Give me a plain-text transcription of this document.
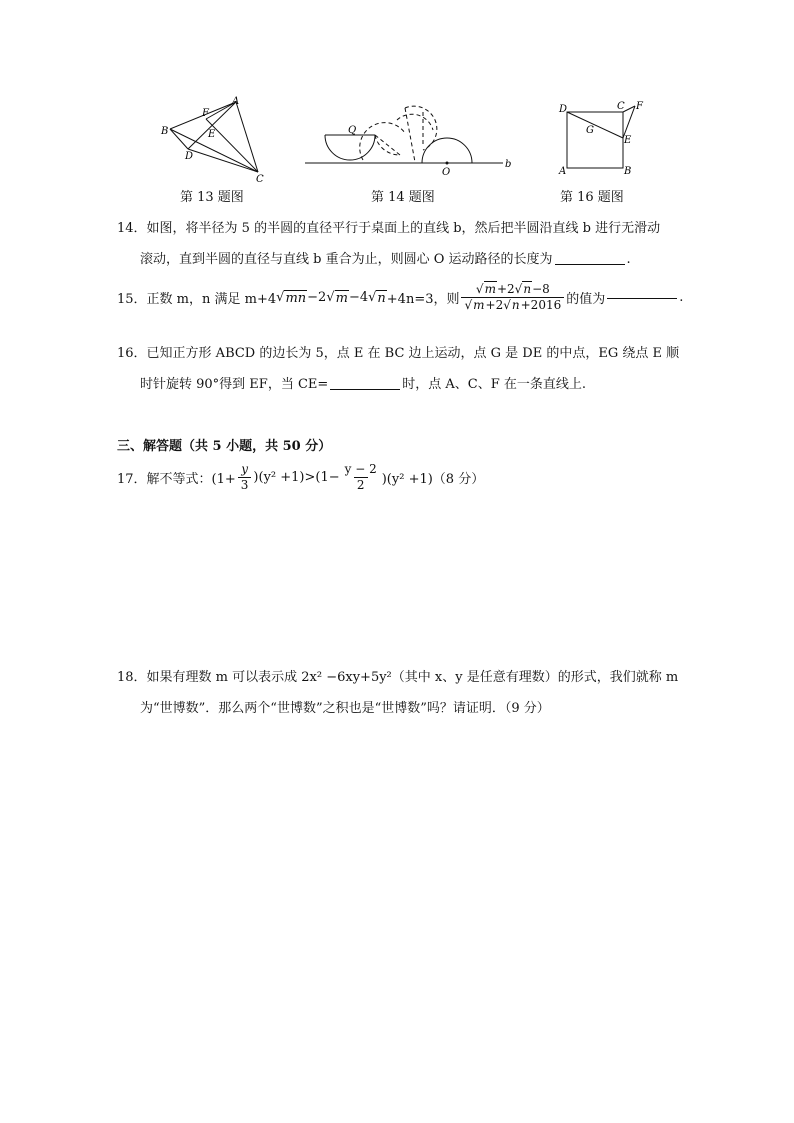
A
B
C
D
E
F
第 13 题图
Q
O
b
第 14 题图
D	C F
G
E
A	B
第 16 题图
14．如图，将半径为 5 的半圆的直径平行于桌面上的直线 b，然后把半圆沿直线 b 进行无滑动
滚动，直到半圆的直径与直线 b 重合为止，则圆心 O 运动路径的长度为	.
15．正数 m，n 满足 m+4 √ mn −2 √ m −4 √ n +4n=3，则 $\frac{√m+2√n-8}{√m+2√n+2016}$ 的值为	.
16．已知正方形 ABCD 的边长为 5，点 E 在 BC 边上运动，点 G 是 DE 的中点，EG 绕点 E 顺
时针旋转 90°得到 EF，当 CE=	时，点 A、C、F 在一条直线上.
三、解答题（共 5 小题，共 50 分）
17．解不等式：$(1+ \frac{y}{3} )(y^2 +1)>(1- \frac{y - 2}{2} )(y^2 +1)(8$ 分）
18．如果有理数 m 可以表示成 2x² −6xy+5y²（其中 x、y 是任意有理数）的形式，我们就称 m
为“世博数”．那么两个“世博数”之积也是“世博数”吗？请证明．（9 分）
